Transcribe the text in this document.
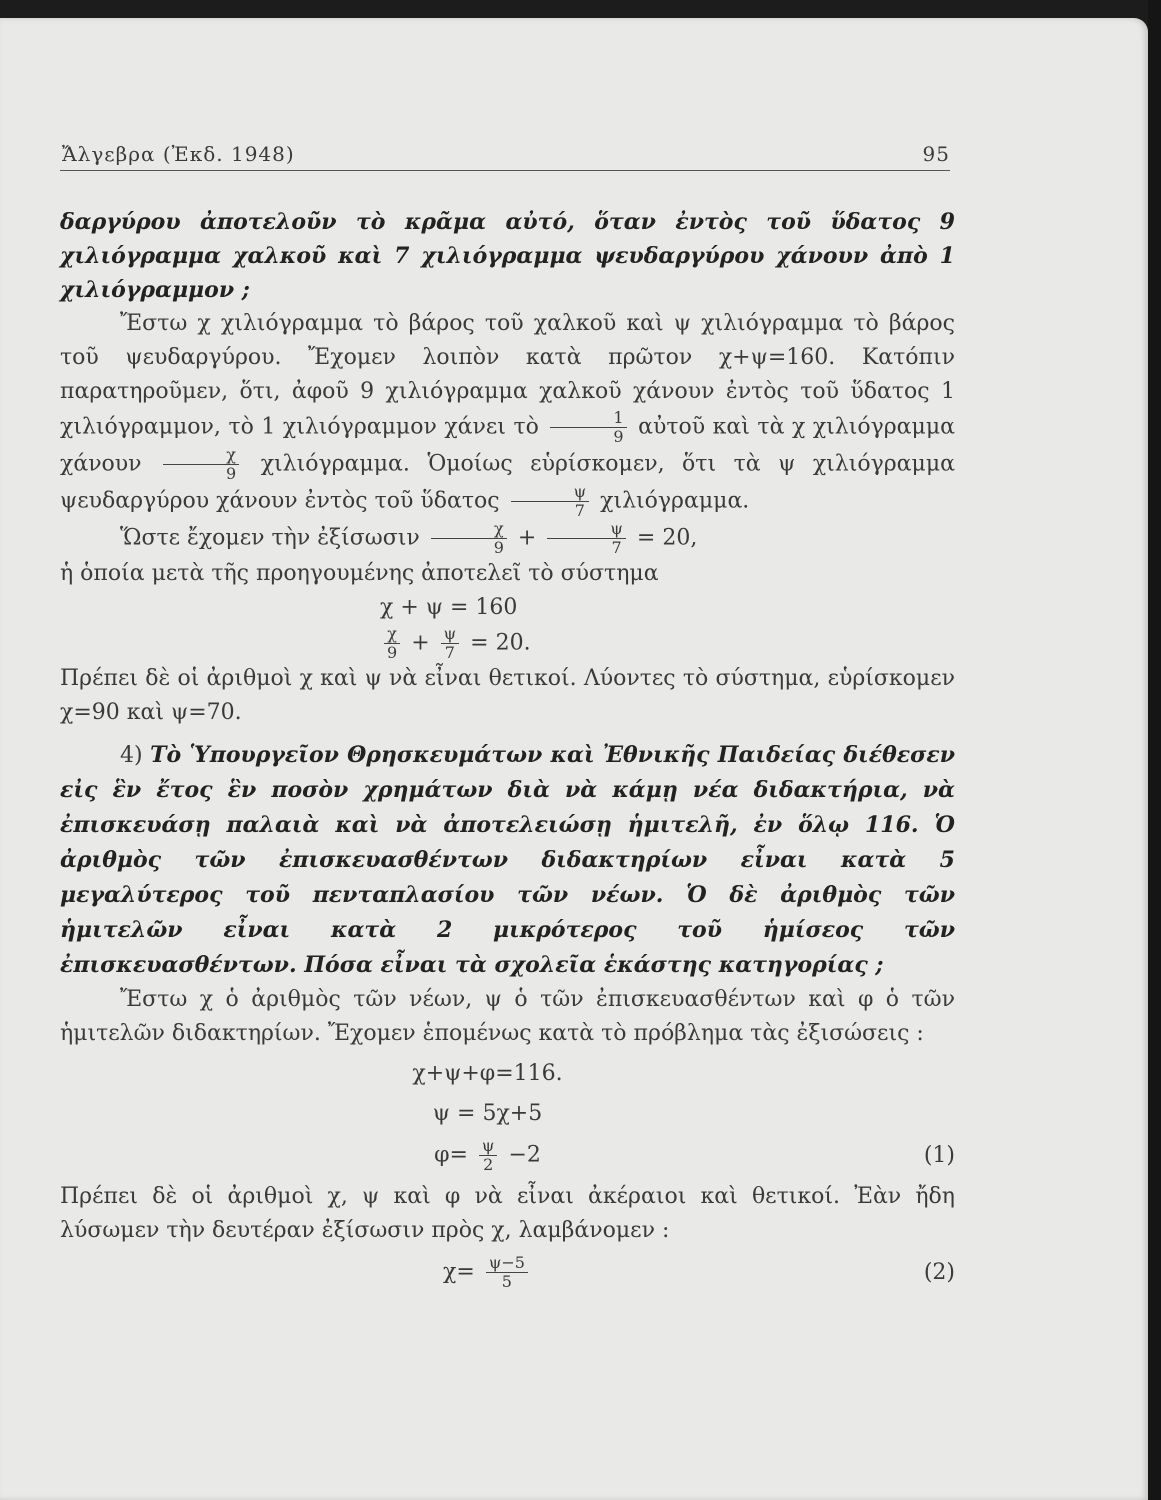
Ἄλγεβρα (Ἐκδ. 1948)	95

δαργύρου ἀποτελοῦν τὸ κρᾶμα αὐτό, ὅταν ἐντὸς τοῦ ὕδατος 9 χιλιόγραμμα χαλκοῦ καὶ 7 χιλιόγραμμα ψευδαργύρου χάνουν ἀπὸ 1 χιλιόγραμμον ;

Ἔστω χ χιλιόγραμμα τὸ βάρος τοῦ χαλκοῦ καὶ ψ χιλιόγραμμα τὸ βάρος τοῦ ψευδαργύρου. Ἔχομεν λοιπὸν κατὰ πρῶτον χ+ψ=160. Κατόπιν παρατηροῦμεν, ὅτι, ἀφοῦ 9 χιλιόγραμμα χαλκοῦ χάνουν ἐντὸς τοῦ ὕδατος 1 χιλιόγραμμον, τὸ 1 χιλιόγραμμον χάνει τὸ $\frac{1}{9}$ αὐτοῦ καὶ τὰ χ χιλιόγραμμα χάνουν $\frac{\chi}{9} \chi\iota\lambda\iota ό\gamma\rho\alpha\mu\mu\alpha$. Ὁμοίως εὑρίσκομεν, ὅτι τὰ ψ χιλιόγραμμα ψευδαργύρου χάνουν ἐντὸς τοῦ ὕδατος $\frac{\psi}{7} \chi\iota\lambda\iota ό\gamma\rho\alpha\mu\mu\alpha$.

Ὥστε ἔχομεν τὴν ἐξίσωσιν $\frac{\chi}{9} + \frac{\psi}{7} = 20$,

ἡ ὁποία μετὰ τῆς προηγουμένης ἀποτελεῖ τὸ σύστημα

χ + ψ = 160
$\frac{\chi}{9} + \frac{\psi}{7} = 20$.

Πρέπει δὲ οἱ ἀριθμοὶ χ καὶ ψ νὰ εἶναι θετικοί. Λύοντες τὸ σύστημα, εὑρίσκομεν χ=90 καὶ ψ=70.

4) Τὸ Ὑπουργεῖον Θρησκευμάτων καὶ Ἐθνικῆς Παιδείας διέθεσεν εἰς ἓν ἔτος ἓν ποσὸν χρημάτων διὰ νὰ κάμῃ νέα διδακτήρια, νὰ ἐπισκευάσῃ παλαιὰ καὶ νὰ ἀποτελειώσῃ ἡμιτελῆ, ἐν ὅλῳ 116. Ὁ ἀριθμὸς τῶν ἐπισκευασθέντων διδακτηρίων εἶναι κατὰ 5 μεγαλύτερος τοῦ πενταπλασίου τῶν νέων. Ὁ δὲ ἀριθμὸς τῶν ἡμιτελῶν εἶναι κατὰ 2 μικρότερος τοῦ ἡμίσεος τῶν ἐπισκευασθέντων. Πόσα εἶναι τὰ σχολεῖα ἑκάστης κατηγορίας ;

Ἔστω χ ὁ ἀριθμὸς τῶν νέων, ψ ὁ τῶν ἐπισκευασθέντων καὶ φ ὁ τῶν ἡμιτελῶν διδακτηρίων. Ἔχομεν ἑπομένως κατὰ τὸ πρόβλημα τὰς ἐξισώσεις :

χ+ψ+φ=116.
ψ = 5χ+5
$\varphi= \frac{\psi}{2} -2$	(1)

Πρέπει δὲ οἱ ἀριθμοὶ χ, ψ καὶ φ νὰ εἶναι ἀκέραιοι καὶ θετικοί. Ἐὰν ἤδη λύσωμεν τὴν δευτέραν ἐξίσωσιν πρὸς χ, λαμβάνομεν :

$\chi= \frac{\psi-5}{5}$	(2)
